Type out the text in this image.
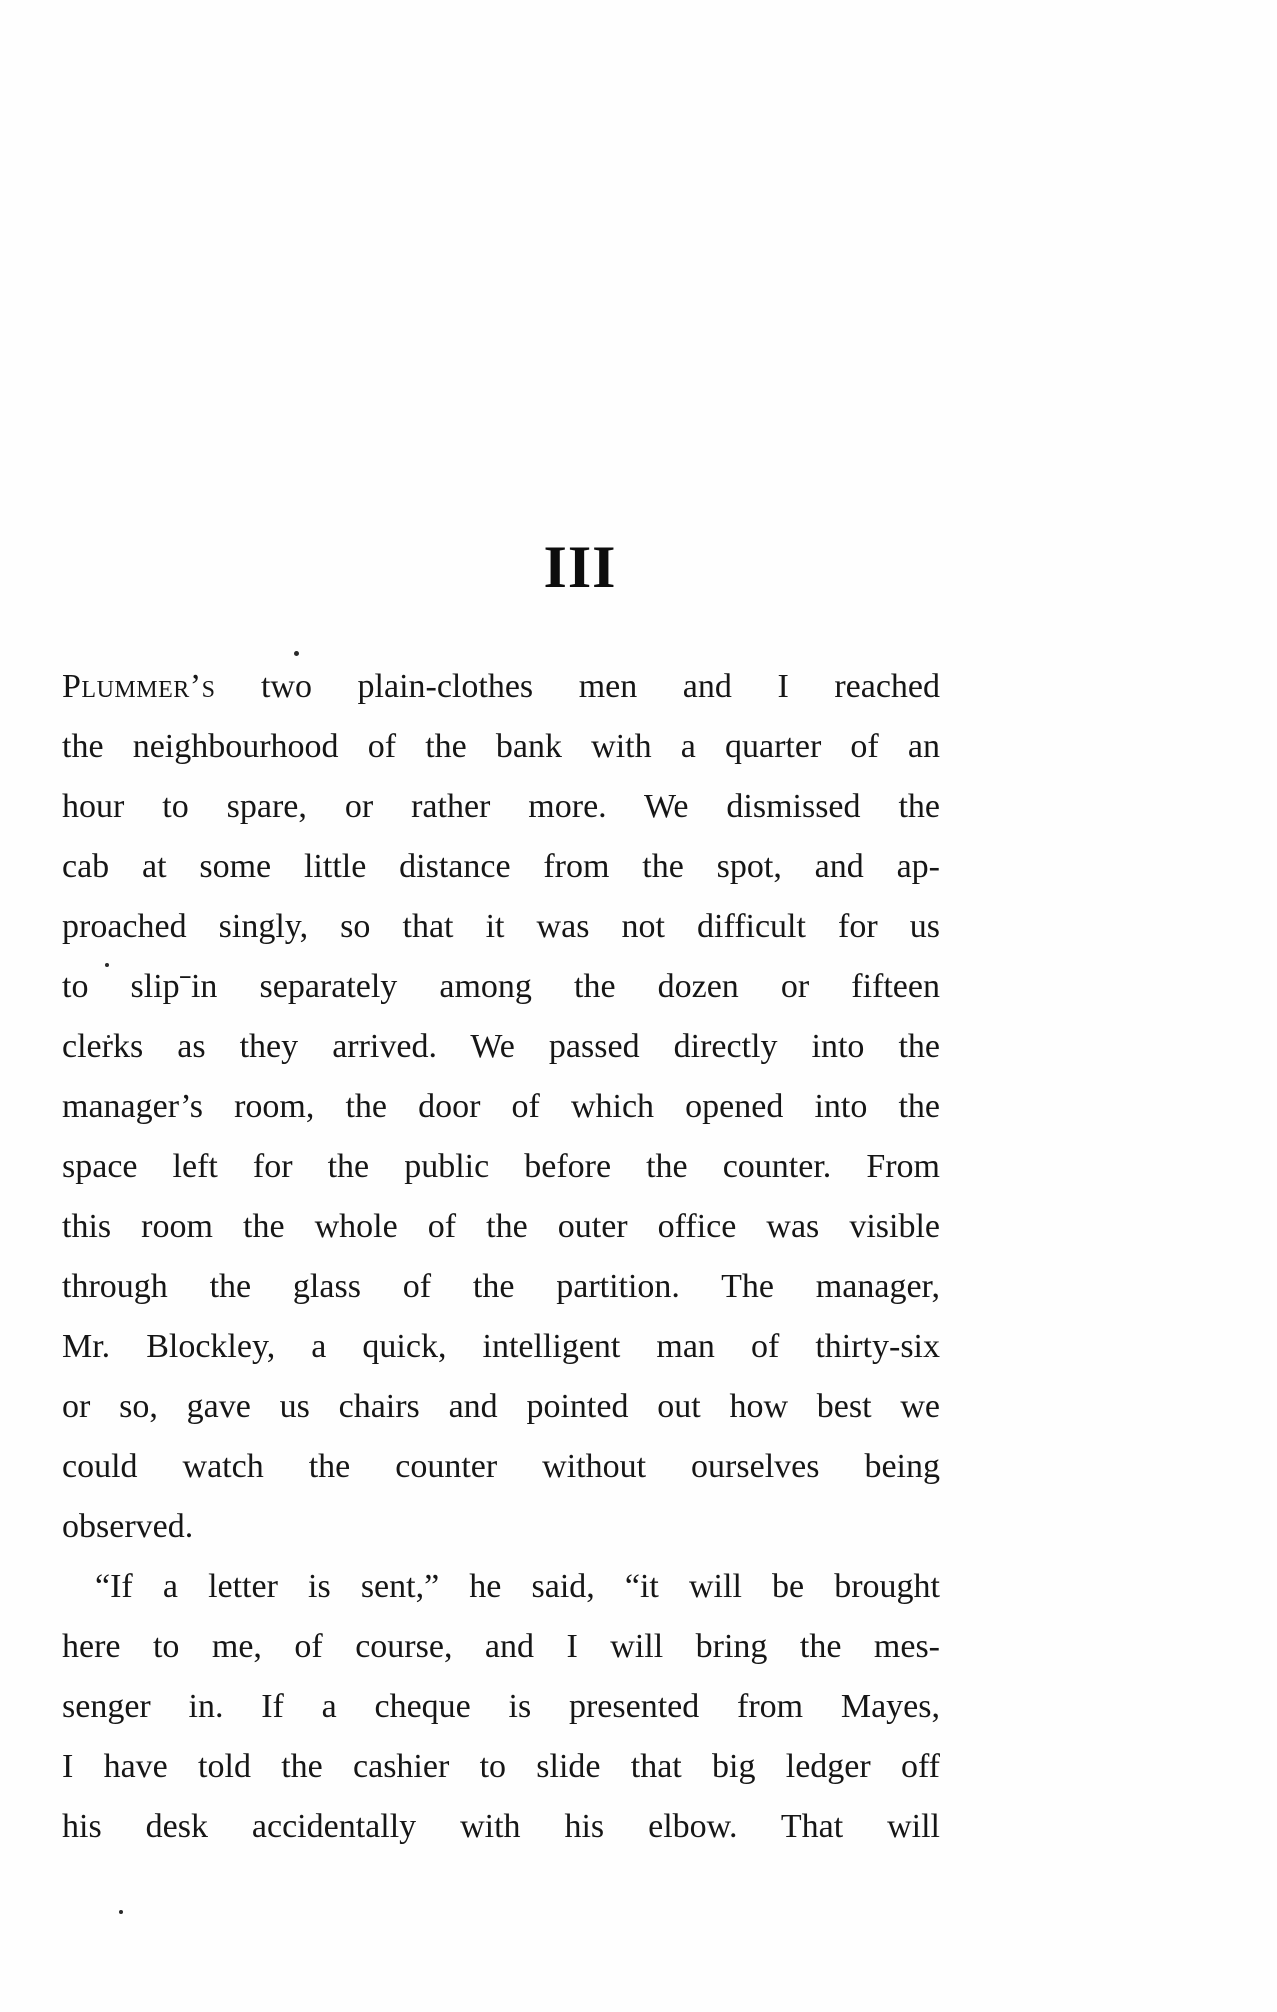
III
Plummer’s two plain-clothes men and I reached
the neighbourhood of the bank with a quarter of an
hour to spare, or rather more. We dismissed the
cab at some little distance from the spot, and ap-
proached singly, so that it was not difficult for us
to slipˉin separately among the dozen or fifteen
clerks as they arrived. We passed directly into the
manager’s room, the door of which opened into the
space left for the public before the counter. From
this room the whole of the outer office was visible
through the glass of the partition. The manager,
Mr. Blockley, a quick, intelligent man of thirty-six
or so, gave us chairs and pointed out how best we
could watch the counter without ourselves being
observed.
“If a letter is sent,” he said, “it will be brought
here to me, of course, and I will bring the mes-
senger in. If a cheque is presented from Mayes,
I have told the cashier to slide that big ledger off
his desk accidentally with his elbow. That will
